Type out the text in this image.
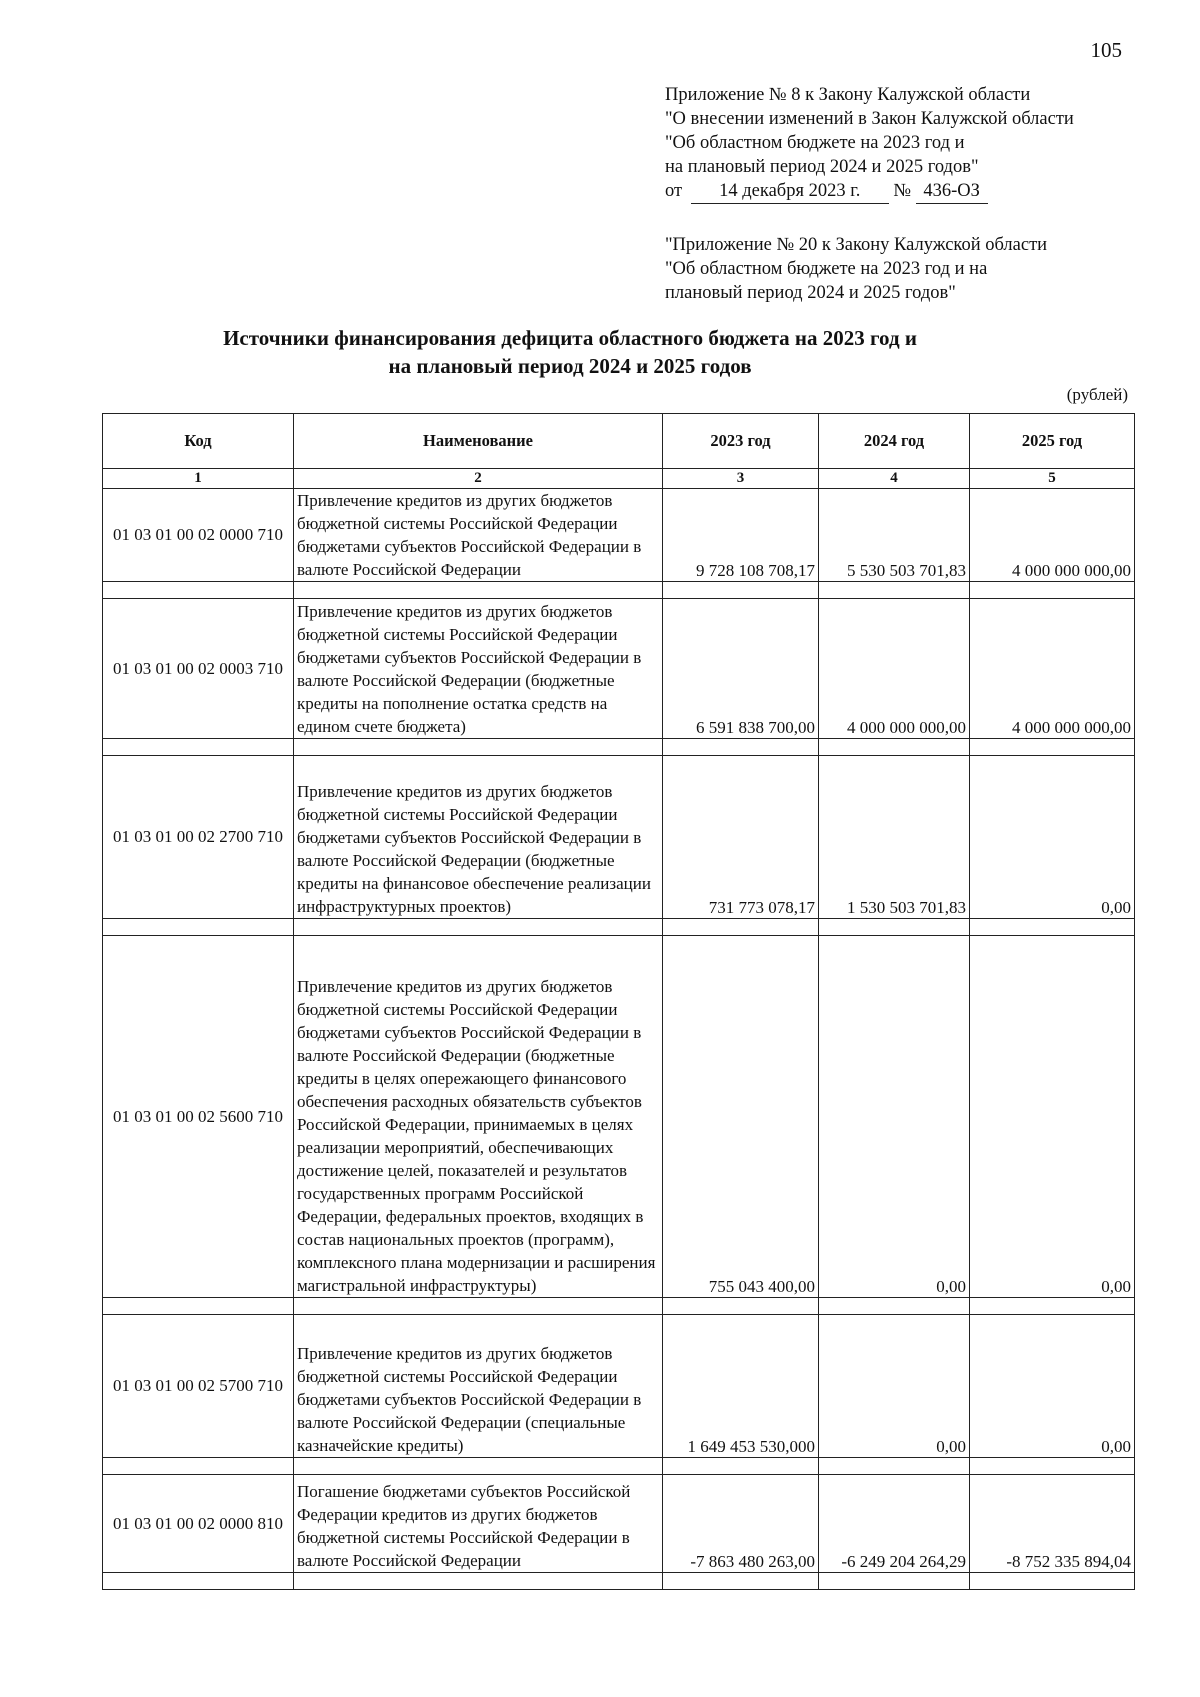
105
Приложение № 8 к Закону Калужской области
"О внесении изменений в Закон Калужской области
"Об областном бюджете на 2023 год и
на плановый период 2024 и 2025 годов"
от 14 декабря 2023 г. № 436-ОЗ
"Приложение № 20 к Закону Калужской области
"Об областном бюджете на 2023 год и на
плановый период 2024 и 2025 годов"
Источники финансирования дефицита областного бюджета на 2023 год и
на плановый период 2024 и 2025 годов
(рублей)
Код	Наименование	2023 год	2024 год	2025 год
1	2	3	4	5
01 03 01 00 02 0000 710	Привлечение кредитов из других бюджетов бюджетной системы Российской Федерации бюджетами субъектов Российской Федерации в валюте Российской Федерации	9 728 108 708,17	5 530 503 701,83	4 000 000 000,00

01 03 01 00 02 0003 710	Привлечение кредитов из других бюджетов бюджетной системы Российской Федерации бюджетами субъектов Российской Федерации в валюте Российской Федерации (бюджетные кредиты на пополнение остатка средств на едином счете бюджета)	6 591 838 700,00	4 000 000 000,00	4 000 000 000,00

01 03 01 00 02 2700 710	Привлечение кредитов из других бюджетов бюджетной системы Российской Федерации бюджетами субъектов Российской Федерации в валюте Российской Федерации (бюджетные кредиты на финансовое обеспечение реализации инфраструктурных проектов)	731 773 078,17	1 530 503 701,83	0,00

01 03 01 00 02 5600 710	Привлечение кредитов из других бюджетов бюджетной системы Российской Федерации бюджетами субъектов Российской Федерации в валюте Российской Федерации (бюджетные кредиты в целях опережающего финансового обеспечения расходных обязательств субъектов Российской Федерации, принимаемых в целях реализации мероприятий, обеспечивающих достижение целей, показателей и результатов государственных программ Российской Федерации, федеральных проектов, входящих в состав национальных проектов (программ), комплексного плана модернизации и расширения магистральной инфраструктуры)	755 043 400,00	0,00	0,00

01 03 01 00 02 5700 710	Привлечение кредитов из других бюджетов бюджетной системы Российской Федерации бюджетами субъектов Российской Федерации в валюте Российской Федерации (специальные казначейские кредиты)	1 649 453 530,000	0,00	0,00

01 03 01 00 02 0000 810	Погашение бюджетами субъектов Российской Федерации кредитов из других бюджетов бюджетной системы Российской Федерации в валюте Российской Федерации	-7 863 480 263,00	-6 249 204 264,29	-8 752 335 894,04
